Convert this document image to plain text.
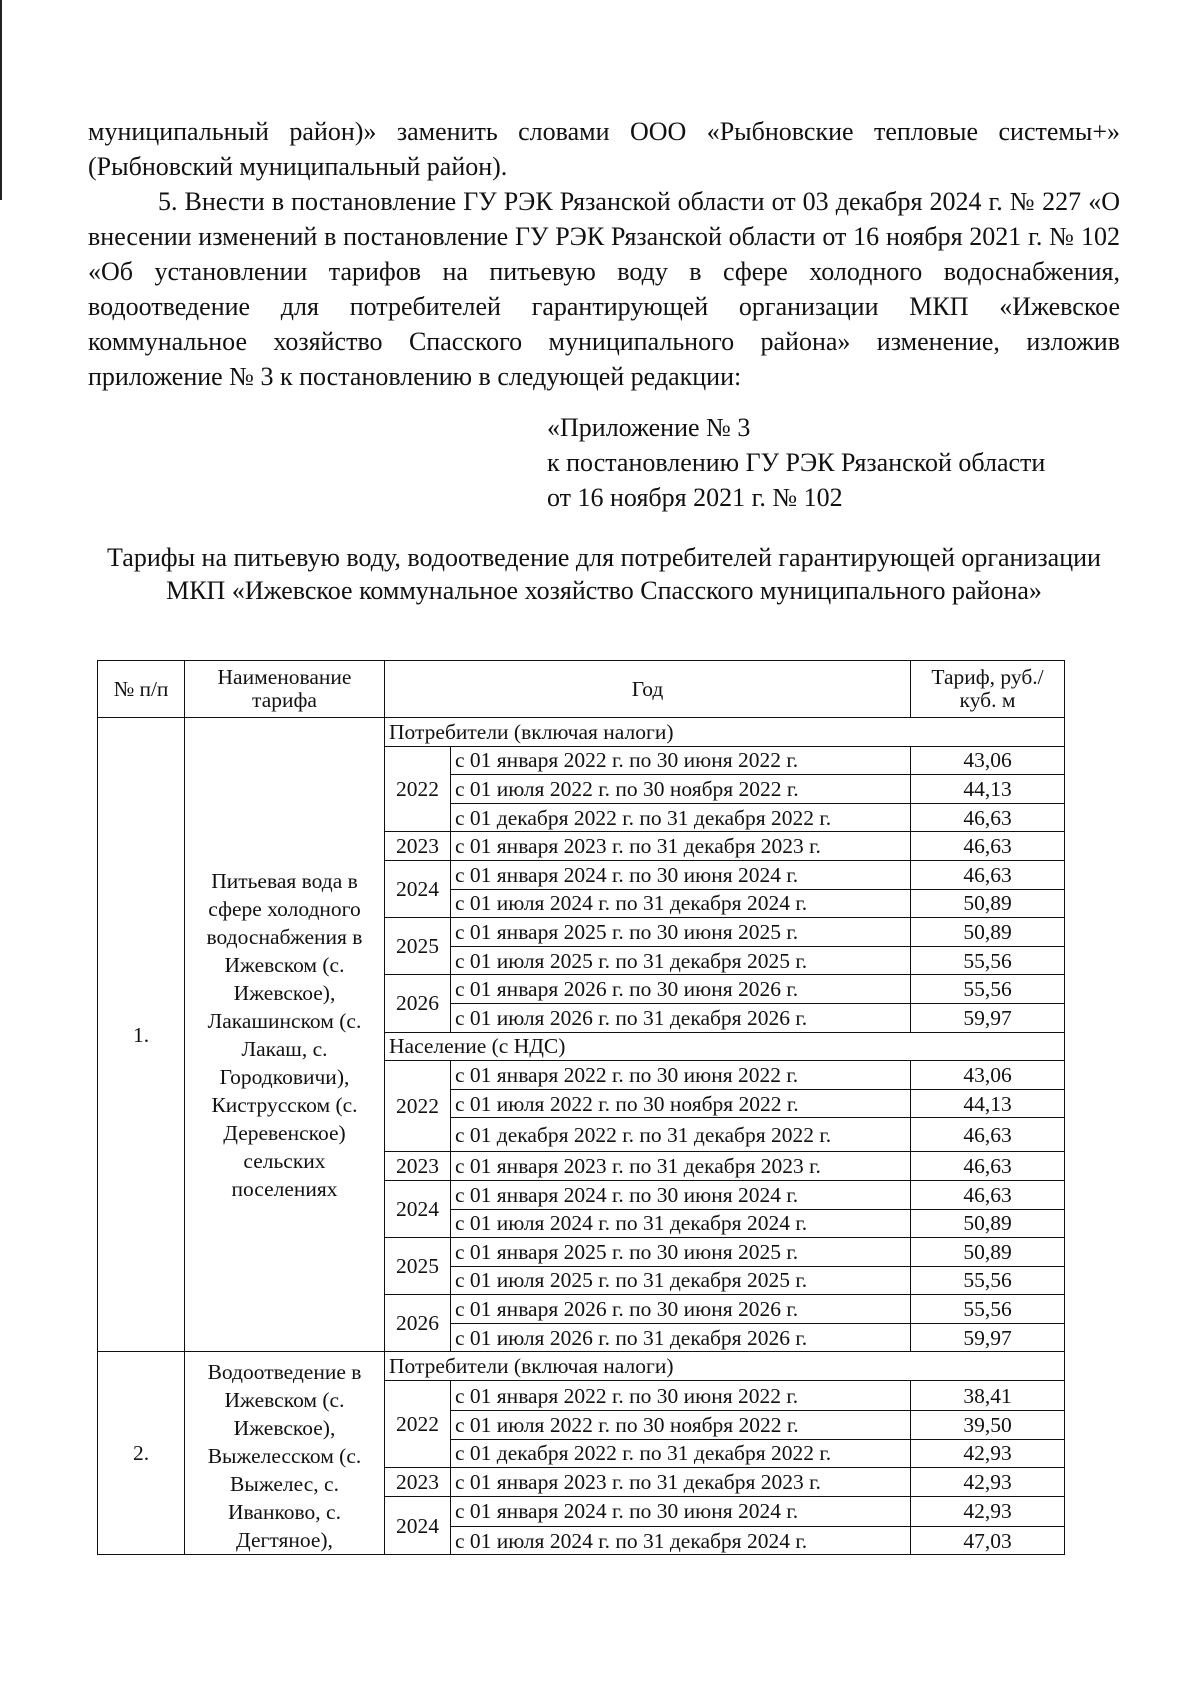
муниципальный район)» заменить словами ООО «Рыбновские тепловые системы+» (Рыбновский муниципальный район).

5. Внести в постановление ГУ РЭК Рязанской области от 03 декабря 2024 г. № 227 «О внесении изменений в постановление ГУ РЭК Рязанской области от 16 ноября 2021 г. № 102 «Об установлении тарифов на питьевую воду в сфере холодного водоснабжения, водоотведение для потребителей гарантирующей организации МКП «Ижевское коммунальное хозяйство Спасского муниципального района» изменение, изложив приложение № 3 к постановлению в следующей редакции:

«Приложение № 3
к постановлению ГУ РЭК Рязанской области
от 16 ноября 2021 г. № 102

Тарифы на питьевую воду, водоотведение для потребителей гарантирующей организации МКП «Ижевское коммунальное хозяйство Спасского муниципального района»

№ п/п	Наименование тарифа	Год		Тариф, руб./куб. м
1.	Питьевая вода в сфере холодного водоснабжения в Ижевском (с. Ижевское), Лакашинском (с. Лакаш, с. Городковичи), Киструсском (с. Деревенское) сельских поселениях	Потребители (включая налоги)		
		2022	с 01 января 2022 г. по 30 июня 2022 г.	43,06
			с 01 июля 2022 г. по 30 ноября 2022 г.	44,13
			с 01 декабря 2022 г. по 31 декабря 2022 г.	46,63
		2023	с 01 января 2023 г. по 31 декабря 2023 г.	46,63
		2024	с 01 января 2024 г. по 30 июня 2024 г.	46,63
			с 01 июля 2024 г. по 31 декабря 2024 г.	50,89
		2025	с 01 января 2025 г. по 30 июня 2025 г.	50,89
			с 01 июля 2025 г. по 31 декабря 2025 г.	55,56
		2026	с 01 января 2026 г. по 30 июня 2026 г.	55,56
			с 01 июля 2026 г. по 31 декабря 2026 г.	59,97
		Население (с НДС)		
		2022	с 01 января 2022 г. по 30 июня 2022 г.	43,06
			с 01 июля 2022 г. по 30 ноября 2022 г.	44,13
			с 01 декабря 2022 г. по 31 декабря 2022 г.	46,63
		2023	с 01 января 2023 г. по 31 декабря 2023 г.	46,63
		2024	с 01 января 2024 г. по 30 июня 2024 г.	46,63
			с 01 июля 2024 г. по 31 декабря 2024 г.	50,89
		2025	с 01 января 2025 г. по 30 июня 2025 г.	50,89
			с 01 июля 2025 г. по 31 декабря 2025 г.	55,56
		2026	с 01 января 2026 г. по 30 июня 2026 г.	55,56
			с 01 июля 2026 г. по 31 декабря 2026 г.	59,97
2.	Водоотведение в Ижевском (с. Ижевское), Выжелесском (с. Выжелес, с. Иванково, с. Дегтяное),	Потребители (включая налоги)		
		2022	с 01 января 2022 г. по 30 июня 2022 г.	38,41
			с 01 июля 2022 г. по 30 ноября 2022 г.	39,50
			с 01 декабря 2022 г. по 31 декабря 2022 г.	42,93
		2023	с 01 января 2023 г. по 31 декабря 2023 г.	42,93
		2024	с 01 января 2024 г. по 30 июня 2024 г.	42,93
			с 01 июля 2024 г. по 31 декабря 2024 г.	47,03
